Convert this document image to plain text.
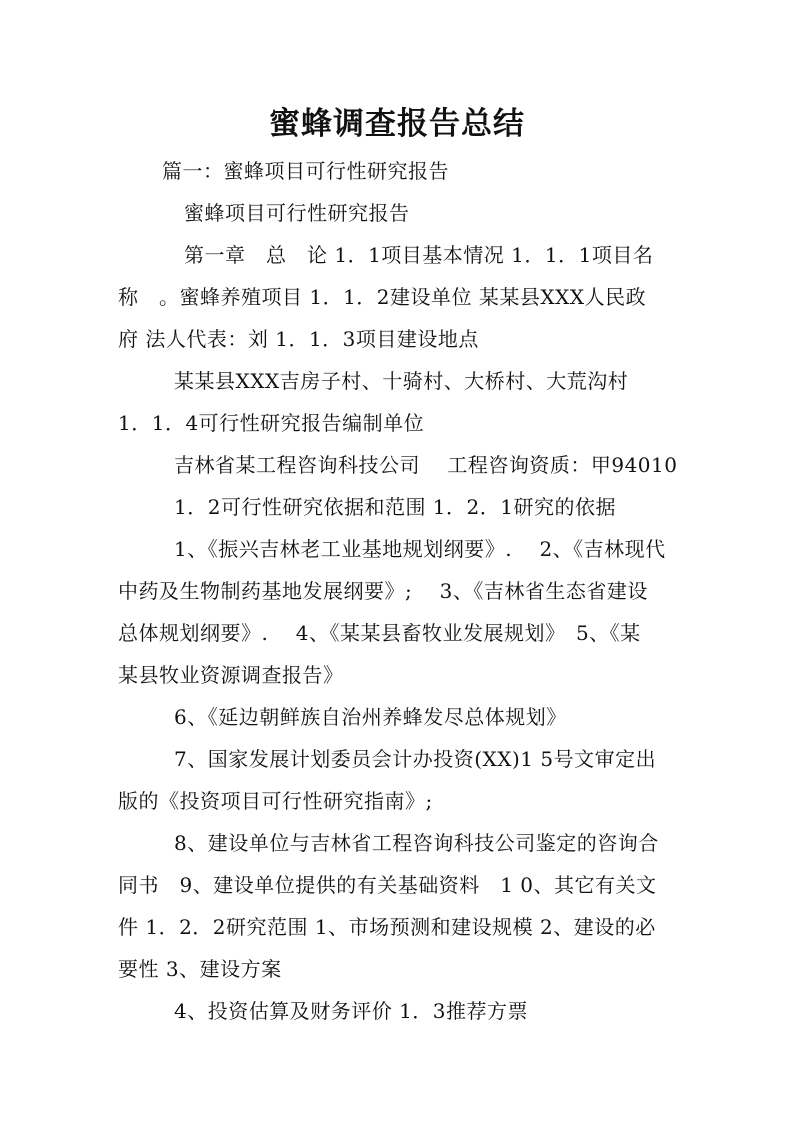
蜜蜂调查报告总结
篇一：蜜蜂项目可行性研究报告
蜜蜂项目可行性研究报告
第一章　总　论 1．1项目基本情况 1．1．1项目名
称　。蜜蜂养殖项目 1．1．2建设单位 某某县XXX人民政
府 法人代表：刘 1．1．3项目建设地点
某某县XXX吉房子村、十骑村、大桥村、大荒沟村
1．1．4可行性研究报告编制单位
吉林省某工程咨询科技公司　 工程咨询资质：甲94010
1．2可行性研究依据和范围 1．2．1研究的依据
1、《振兴吉林老工业基地规划纲要》.　 2、《吉林现代
中药及生物制药基地发展纲要》;　 3、《吉林省生态省建设
总体规划纲要》.　 4、《某某县畜牧业发展规划》　5、《某
某县牧业资源调查报告》
6、《延边朝鲜族自治州养蜂发尽总体规划》
7、国家发展计划委员会计办投资(XX)1 5号文审定出
版的《投资项目可行性研究指南》;
8、建设单位与吉林省工程咨询科技公司鉴定的咨询合
同书　9、建设单位提供的有关基础资料　1 0、其它有关文
件 1．2．2研究范围 1、市场预测和建设规模 2、建设的必
要性 3、建设方案
4、投资估算及财务评价 1．3推荐方票
